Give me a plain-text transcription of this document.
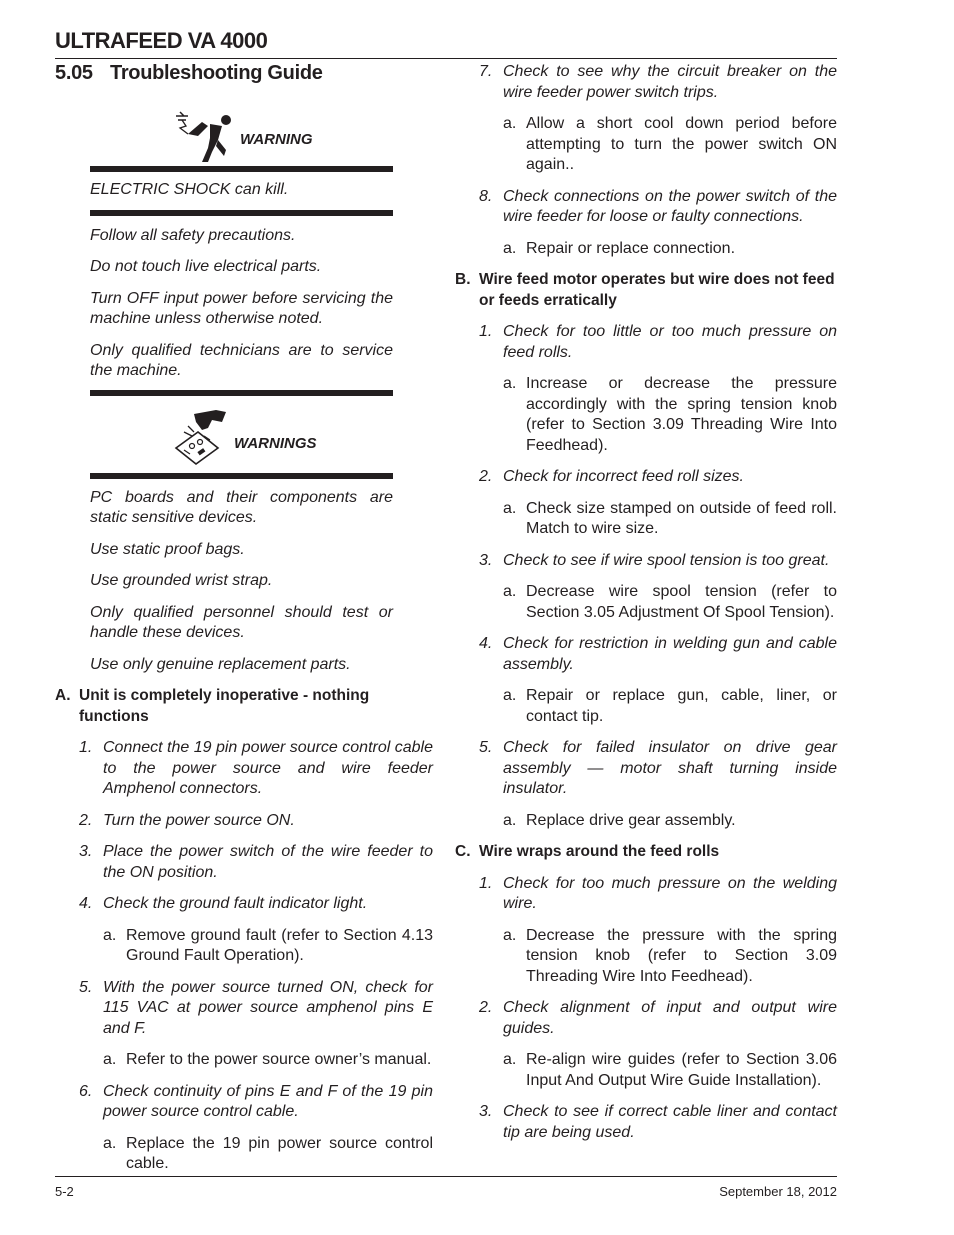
ULTRAFEED VA 4000
5.05 Troubleshooting Guide
WARNING
ELECTRIC SHOCK can kill.
Follow all safety precautions.
Do not touch live electrical parts.
Turn OFF input power before servicing the machine unless otherwise noted.
Only qualified technicians are to service the machine.
WARNINGS
PC boards and their components are static sensitive devices.
Use static proof bags.
Use grounded wrist strap.
Only qualified personnel should test or handle these devices.
Use only genuine replacement parts.
A. Unit is completely inoperative - nothing functions
1. Connect the 19 pin power source control cable to the power source and wire feeder Amphenol connectors.
2. Turn the power source ON.
3. Place the power switch of the wire feeder to the ON position.
4. Check the ground fault indicator light.
a. Remove ground fault (refer to Section 4.13 Ground Fault Operation).
5. With the power source turned ON, check for 115 VAC at power source amphenol pins E and F.
a. Refer to the power source owner’s manual.
6. Check continuity of pins E and F of the 19 pin power source control cable.
a. Replace the 19 pin power source control cable.
7. Check to see why the circuit breaker on the wire feeder power switch trips.
a. Allow a short cool down period before attempting to turn the power switch ON again..
8. Check connections on the power switch of the wire feeder for loose or faulty connections.
a. Repair or replace connection.
B. Wire feed motor operates but wire does not feed or feeds erratically
1. Check for too little or too much pressure on feed rolls.
a. Increase or decrease the pressure accordingly with the spring tension knob (refer to Section 3.09 Threading Wire Into Feedhead).
2. Check for incorrect feed roll sizes.
a. Check size stamped on outside of feed roll. Match to wire size.
3. Check to see if wire spool tension is too great.
a. Decrease wire spool tension (refer to Section 3.05 Adjustment Of Spool Tension).
4. Check for restriction in welding gun and cable assembly.
a. Repair or replace gun, cable, liner, or contact tip.
5. Check for failed insulator on drive gear assembly — motor shaft turning inside insulator.
a. Replace drive gear assembly.
C. Wire wraps around the feed rolls
1. Check for too much pressure on the welding wire.
a. Decrease the pressure with the spring tension knob (refer to Section 3.09 Threading Wire Into Feedhead).
2. Check alignment of input and output wire guides.
a. Re-align wire guides (refer to Section 3.06 Input And Output Wire Guide Installation).
3. Check to see if correct cable liner and contact tip are being used.
5-2	September 18, 2012
